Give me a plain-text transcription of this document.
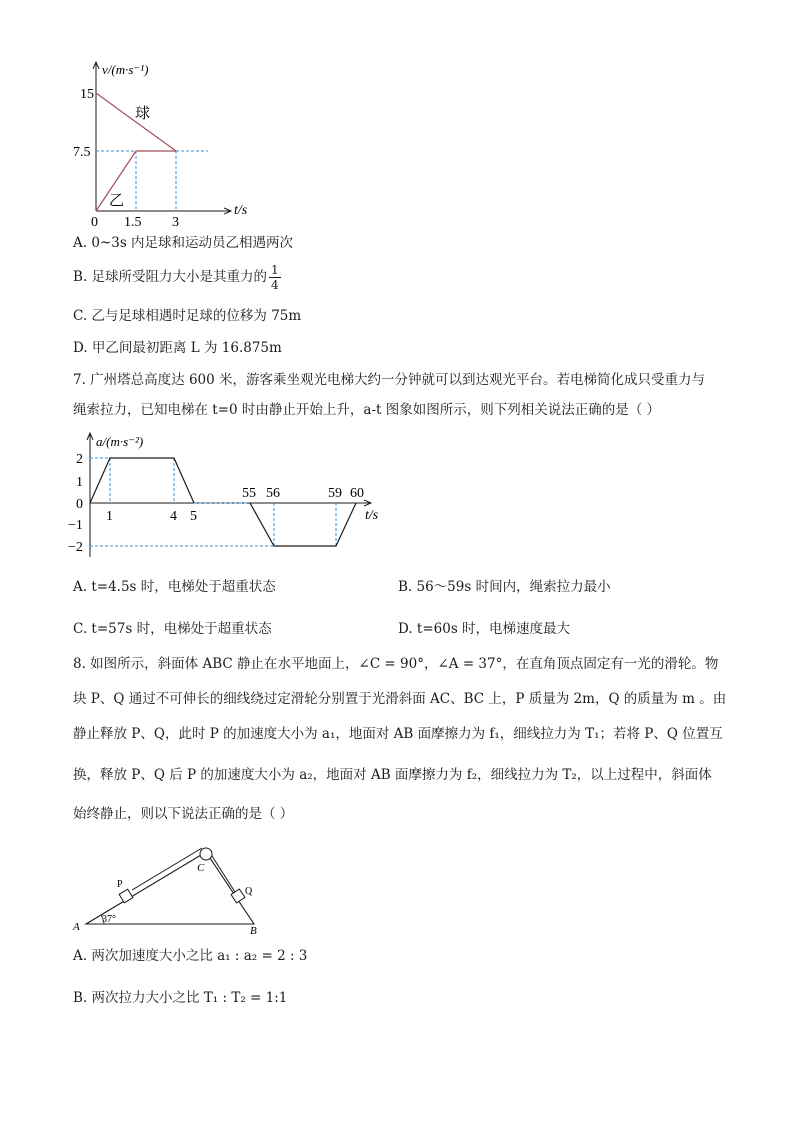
v/(m·s⁻¹)
15
7.5
0 1.5 3
t/s
球
乙
A. 0~3s 内足球和运动员乙相遇两次
B. 足球所受阻力大小是其重力的 $\frac{1}{4}$
C. 乙与足球相遇时足球的位移为 75m
D. 甲乙间最初距离 L 为 16.875m
7. 广州塔总高度达 600 米，游客乘坐观光电梯大约一分钟就可以到达观光平台。若电梯简化成只受重力与
绳索拉力，已知电梯在 t=0 时由静止开始上升，a-t 图象如图所示，则下列相关说法正确的是（ ）
a/(m·s⁻²)
2
1
0
−1
−2
1	4 5
55 56	59 60
t/s
A. t=4.5s 时，电梯处于超重状态	B. 56～59s 时间内，绳索拉力最小
C. t=57s 时，电梯处于超重状态	D. t=60s 时，电梯速度最大
8. 如图所示，斜面体 ABC 静止在水平地面上，∠C = 90°，∠A = 37°，在直角顶点固定有一光的滑轮。物
块 P、Q 通过不可伸长的细线绕过定滑轮分别置于光滑斜面 AC、BC 上，P 质量为 2m，Q 的质量为 m 。由
静止释放 P、Q，此时 P 的加速度大小为 a₁，地面对 AB 面摩擦力为 f₁，细线拉力为 T₁；若将 P、Q 位置互
换，释放 P、Q 后 P 的加速度大小为 a₂，地面对 AB 面摩擦力为 f₂，细线拉力为 T₂，以上过程中，斜面体
始终静止，则以下说法正确的是（ ）
A	B
C
P
Q
37°
A. 两次加速度大小之比 a₁ : a₂ = 2 : 3
B. 两次拉力大小之比 T₁ : T₂ = 1:1
